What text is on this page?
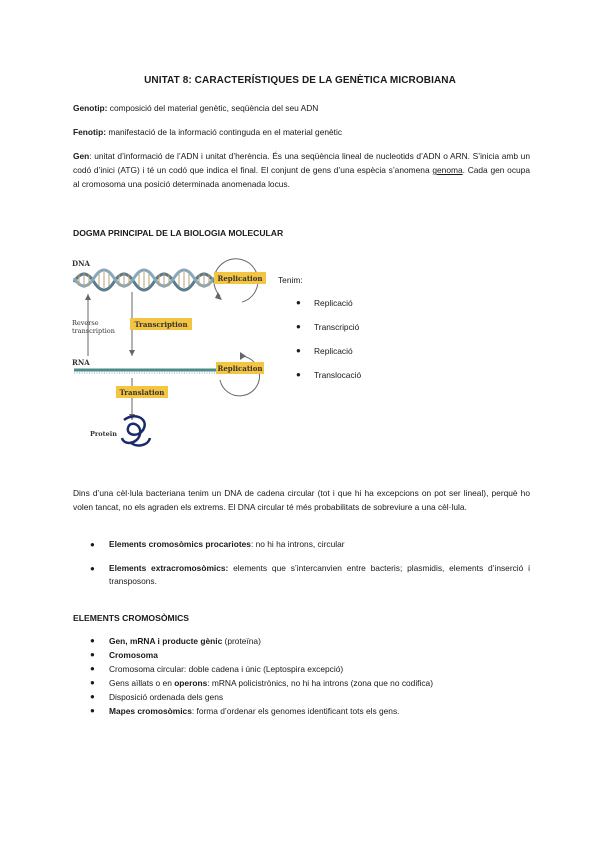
UNITAT 8: CARACTERÍSTIQUES DE LA GENÈTICA MICROBIANA
Genotip: composició del material genètic, seqüència del seu ADN
Fenotip: manifestació de la informació continguda en el material genètic
Gen: unitat d’informació de l’ADN i unitat d’herència. És una seqüència lineal de nucleotids d’ADN o ARN. S’inicia amb un codó d’inici (ATG) i té un codó que indica el final. El conjunt de gens d’una espècia s’anomena genoma. Cada gen ocupa al cromosoma una posició determinada anomenada locus.
DOGMA PRINCIPAL DE LA BIOLOGIA MOLECULAR
DNA
Replication
Transcription
Reverse
transcription
RNA
Replication
Translation
Protein
Tenim:
● Replicació
● Transcripció
● Replicació
● Translocació
Dins d’una cèl·lula bacteriana tenim un DNA de cadena circular (tot i que hi ha excepcions on pot ser lineal), perquè ho volen tancat, no els agraden els extrems. El DNA circular té més probabilitats de sobreviure a una cèl·lula.
● Elements cromosòmics procariotes: no hi ha introns, circular
● Elements extracromosòmics: elements que s’intercanvien entre bacteris; plasmidis, elements d’inserció i transposons.
ELEMENTS CROMOSÒMICS
● Gen, mRNA i producte gènic (proteïna)
● Cromosoma
● Cromosoma circular: doble cadena i únic (Leptospira excepció)
● Gens aïllats o en operons: mRNA policistrònics, no hi ha introns (zona que no codifica)
● Disposició ordenada dels gens
● Mapes cromosòmics: forma d’ordenar els genomes identificant tots els gens.
